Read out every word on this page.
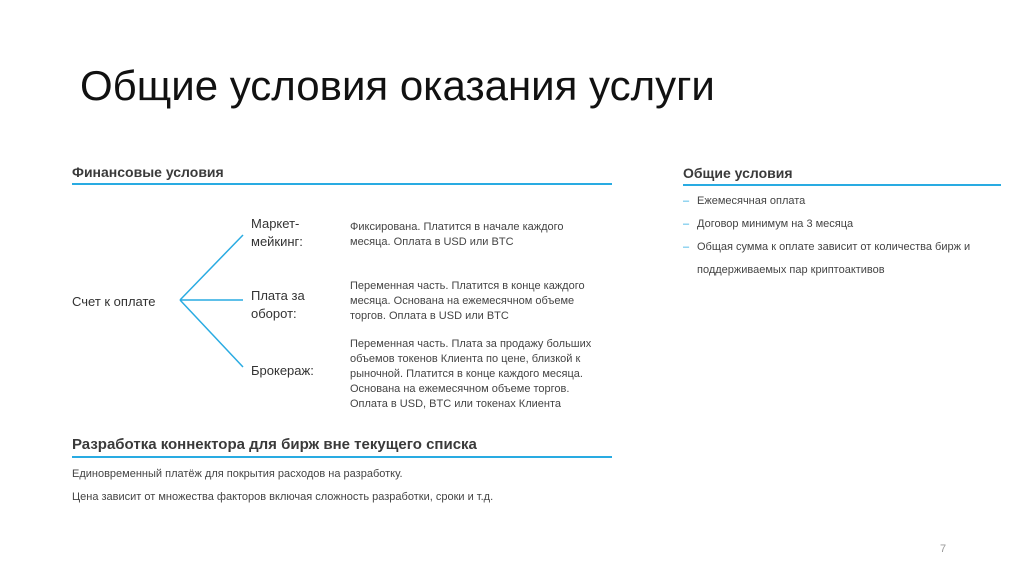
Общие условия оказания услуги
Финансовые условия
Счет к оплате
Маркет-мейкинг:
Плата за оборот:
Брокераж:
Фиксирована. Платится в начале каждого месяца. Оплата в USD или BTC
Переменная часть. Платится в конце каждого месяца. Основана на ежемесячном объеме торгов. Оплата в USD или BTC
Переменная часть. Плата за продажу больших объемов токенов Клиента по цене, близкой к рыночной. Платится в конце каждого месяца. Основана на ежемесячном объеме торгов. Оплата в USD, BTC или токенах Клиента
Разработка коннектора для бирж вне текущего списка
Единовременный платёж для покрытия расходов на разработку.
Цена зависит от множества факторов включая сложность разработки, сроки и т.д.
Общие условия
– Ежемесячная оплата
– Договор минимум на 3 месяца
– Общая сумма к оплате зависит от количества бирж и поддерживаемых пар криптоактивов
7
